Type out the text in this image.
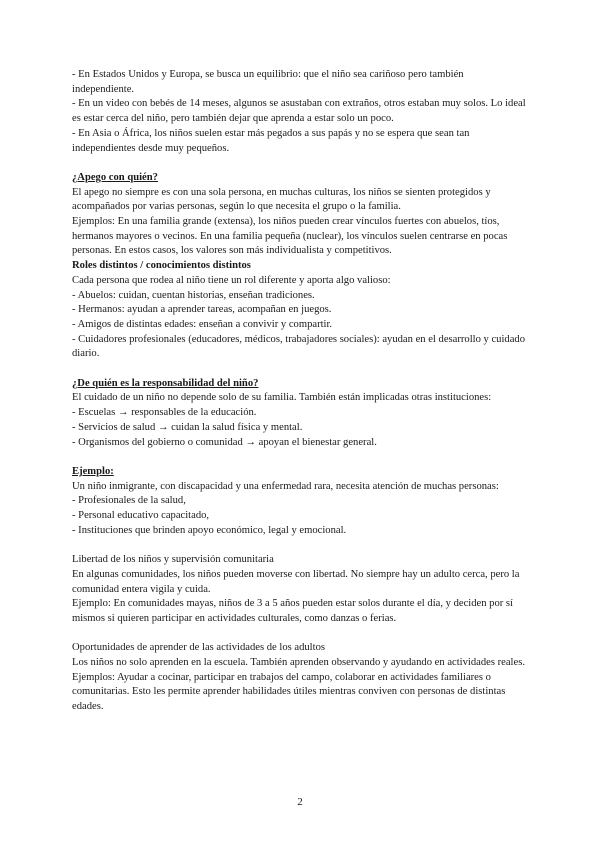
- En Estados Unidos y Europa, se busca un equilibrio: que el niño sea cariñoso pero también independiente.

- En un video con bebés de 14 meses, algunos se asustaban con extraños, otros estaban muy solos. Lo ideal es estar cerca del niño, pero también dejar que aprenda a estar solo un poco.

- En Asia o África, los niños suelen estar más pegados a sus papás y no se espera que sean tan independientes desde muy pequeños.

¿Apego con quién?

El apego no siempre es con una sola persona, en muchas culturas, los niños se sienten protegidos y acompañados por varias personas, según lo que necesita el grupo o la familia.

Ejemplos: En una familia grande (extensa), los niños pueden crear vínculos fuertes con abuelos, tíos, hermanos mayores o vecinos. En una familia pequeña (nuclear), los vínculos suelen centrarse en pocas personas. En estos casos, los valores son más individualista y competitivos.

Roles distintos / conocimientos distintos

Cada persona que rodea al niño tiene un rol diferente y aporta algo valioso:

- Abuelos: cuidan, cuentan historias, enseñan tradiciones.

- Hermanos: ayudan a aprender tareas, acompañan en juegos.

- Amigos de distintas edades: enseñan a convivir y compartir.

- Cuidadores profesionales (educadores, médicos, trabajadores sociales): ayudan en el desarrollo y cuidado diario.

¿De quién es la responsabilidad del niño?

El cuidado de un niño no depende solo de su familia. También están implicadas otras instituciones:

- Escuelas → responsables de la educación.

- Servicios de salud → cuidan la salud física y mental.

- Organismos del gobierno o comunidad → apoyan el bienestar general.

Ejemplo:

Un niño inmigrante, con discapacidad y una enfermedad rara, necesita atención de muchas personas:

- Profesionales de la salud,

- Personal educativo capacitado,

- Instituciones que brinden apoyo económico, legal y emocional.

Libertad de los niños y supervisión comunitaria

En algunas comunidades, los niños pueden moverse con libertad. No siempre hay un adulto cerca, pero la comunidad entera vigila y cuida.

Ejemplo: En comunidades mayas, niños de 3 a 5 años pueden estar solos durante el día, y deciden por sí mismos si quieren participar en actividades culturales, como danzas o ferias.

Oportunidades de aprender de las actividades de los adultos

Los niños no solo aprenden en la escuela. También aprenden observando y ayudando en actividades reales.

Ejemplos: Ayudar a cocinar, participar en trabajos del campo, colaborar en actividades familiares o comunitarias. Esto les permite aprender habilidades útiles mientras conviven con personas de distintas edades.

2
